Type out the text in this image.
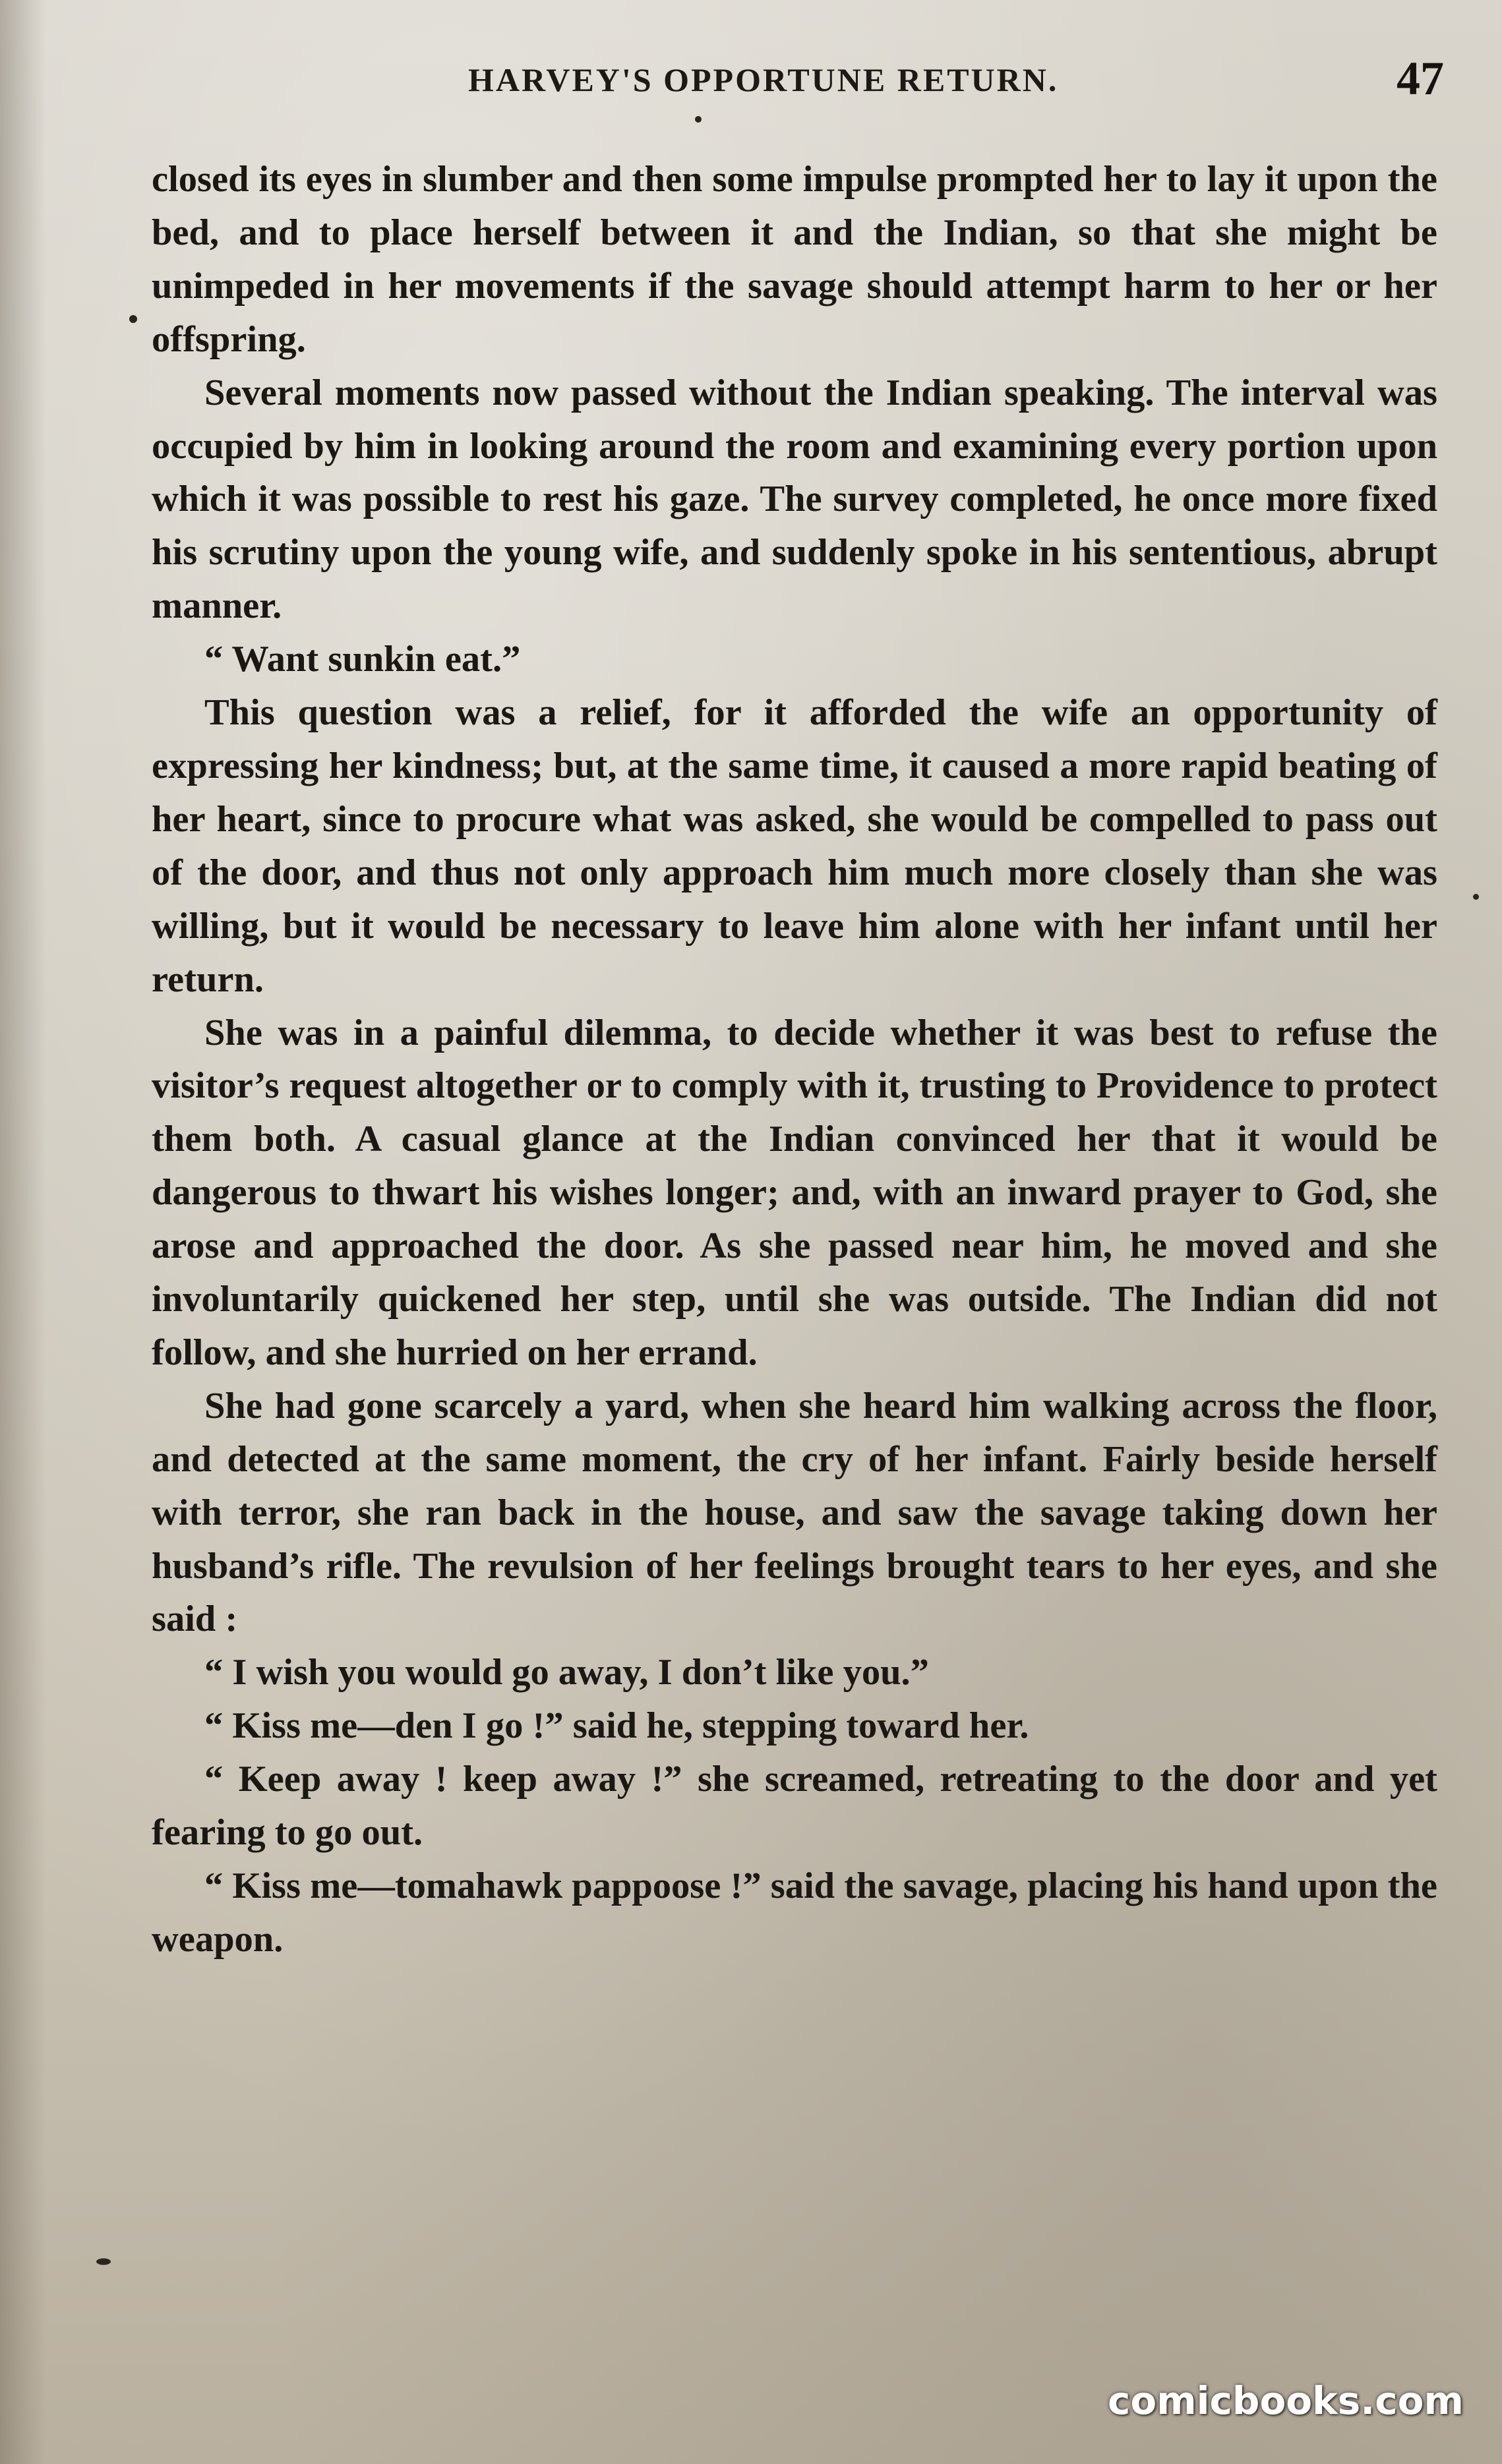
HARVEY'S OPPORTUNE RETURN.	47

closed its eyes in slumber and then some impulse prompted her to lay it upon the bed, and to place herself between it and the Indian, so that she might be unimpeded in her movements if the savage should attempt harm to her or her offspring.

Several moments now passed without the Indian speaking. The interval was occupied by him in looking around the room and examining every portion upon which it was possible to rest his gaze. The survey completed, he once more fixed his scrutiny upon the young wife, and suddenly spoke in his sententious, abrupt manner.

“ Want sunkin eat.”

This question was a relief, for it afforded the wife an opportunity of expressing her kindness; but, at the same time, it caused a more rapid beating of her heart, since to procure what was asked, she would be compelled to pass out of the door, and thus not only approach him much more closely than she was willing, but it would be necessary to leave him alone with her infant until her return.

She was in a painful dilemma, to decide whether it was best to refuse the visitor’s request altogether or to comply with it, trusting to Providence to protect them both. A casual glance at the Indian convinced her that it would be dangerous to thwart his wishes longer; and, with an inward prayer to God, she arose and approached the door. As she passed near him, he moved and she involuntarily quickened her step, until she was outside. The Indian did not follow, and she hurried on her errand.

She had gone scarcely a yard, when she heard him walking across the floor, and detected at the same moment, the cry of her infant. Fairly beside herself with terror, she ran back in the house, and saw the savage taking down her husband’s rifle. The revulsion of her feelings brought tears to her eyes, and she said :

“ I wish you would go away, I don’t like you.”

“ Kiss me—den I go !” said he, stepping toward her.

“ Keep away ! keep away !” she screamed, retreating to the door and yet fearing to go out.

“ Kiss me—tomahawk pappoose !” said the savage, placing his hand upon the weapon.

comicbooks.com
